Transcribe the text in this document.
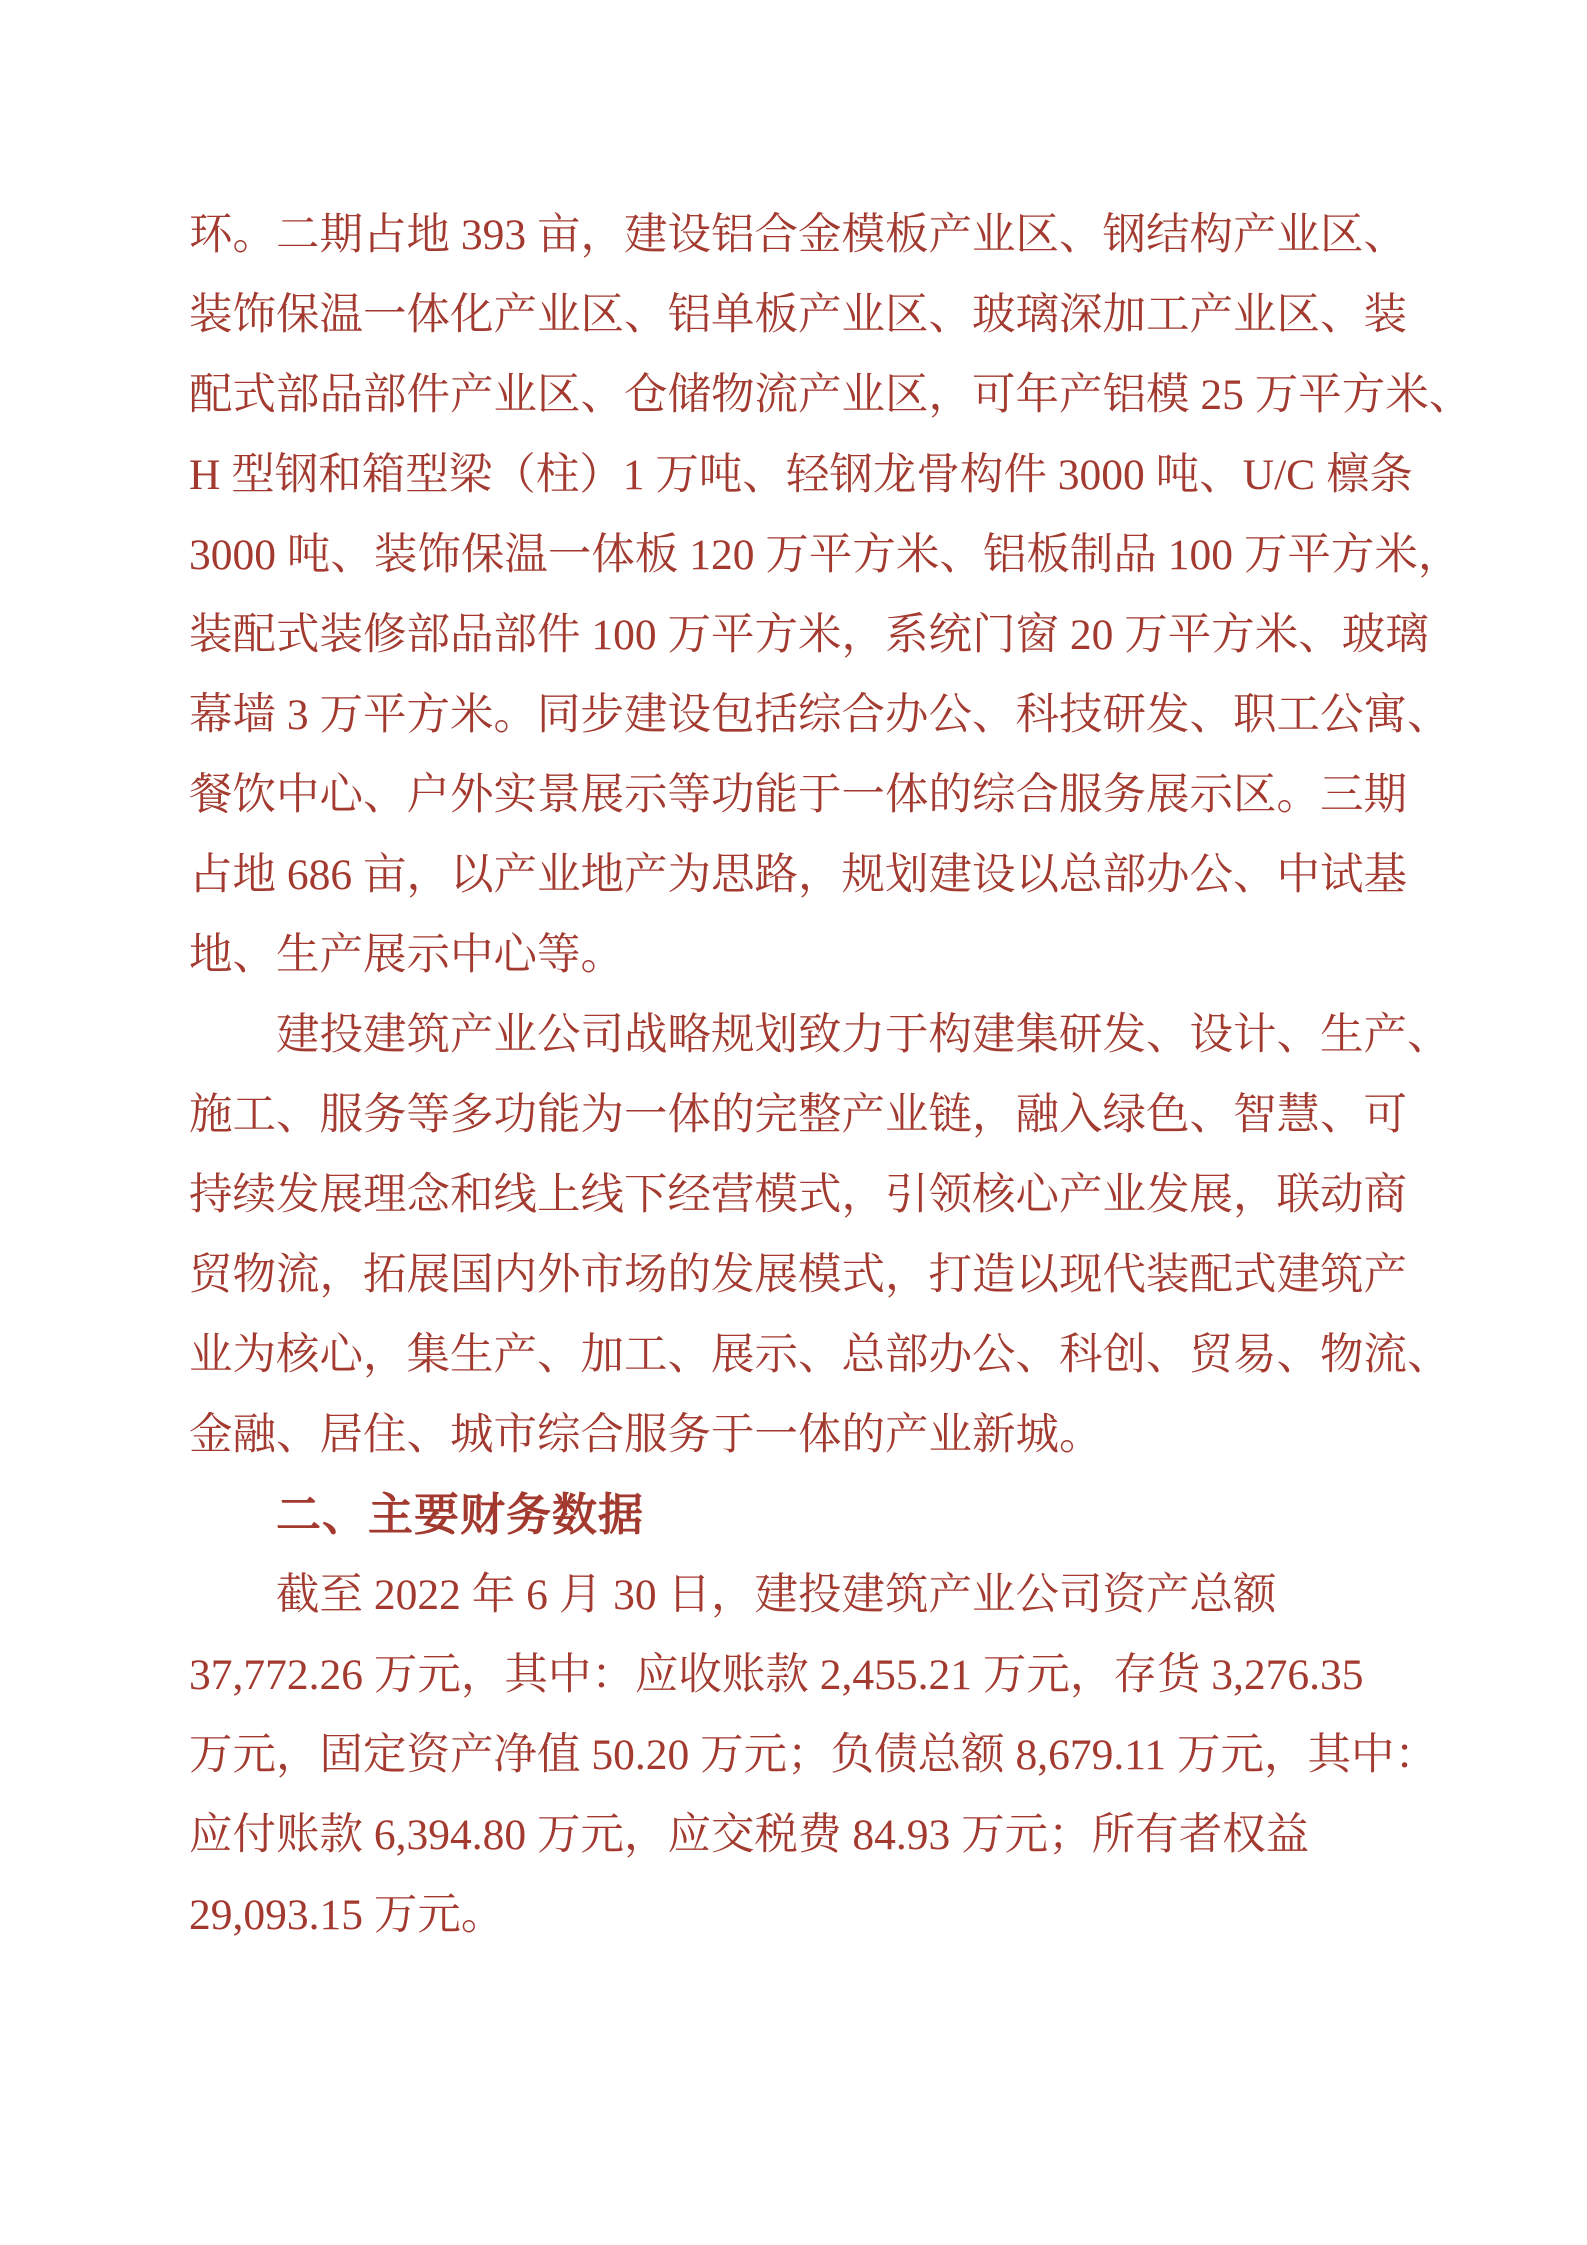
环。二期占地 393 亩，建设铝合金模板产业区、钢结构产业区、
装饰保温一体化产业区、铝单板产业区、玻璃深加工产业区、装
配式部品部件产业区、仓储物流产业区，可年产铝模 25 万平方米、
H 型钢和箱型梁（柱）1 万吨、轻钢龙骨构件 3000 吨、U/C 檩条
3000 吨、装饰保温一体板 120 万平方米、铝板制品 100 万平方米，
装配式装修部品部件 100 万平方米，系统门窗 20 万平方米、玻璃
幕墙 3 万平方米。同步建设包括综合办公、科技研发、职工公寓、
餐饮中心、户外实景展示等功能于一体的综合服务展示区。三期
占地 686 亩，以产业地产为思路，规划建设以总部办公、中试基
地、生产展示中心等。
建投建筑产业公司战略规划致力于构建集研发、设计、生产、
施工、服务等多功能为一体的完整产业链，融入绿色、智慧、可
持续发展理念和线上线下经营模式，引领核心产业发展，联动商
贸物流，拓展国内外市场的发展模式，打造以现代装配式建筑产
业为核心，集生产、加工、展示、总部办公、科创、贸易、物流、
金融、居住、城市综合服务于一体的产业新城。
二、主要财务数据
截至 2022 年 6 月 30 日，建投建筑产业公司资产总额
37,772.26 万元，其中：应收账款 2,455.21 万元，存货 3,276.35
万元，固定资产净值 50.20 万元；负债总额 8,679.11 万元，其中：
应付账款 6,394.80 万元，应交税费 84.93 万元；所有者权益
29,093.15 万元。
